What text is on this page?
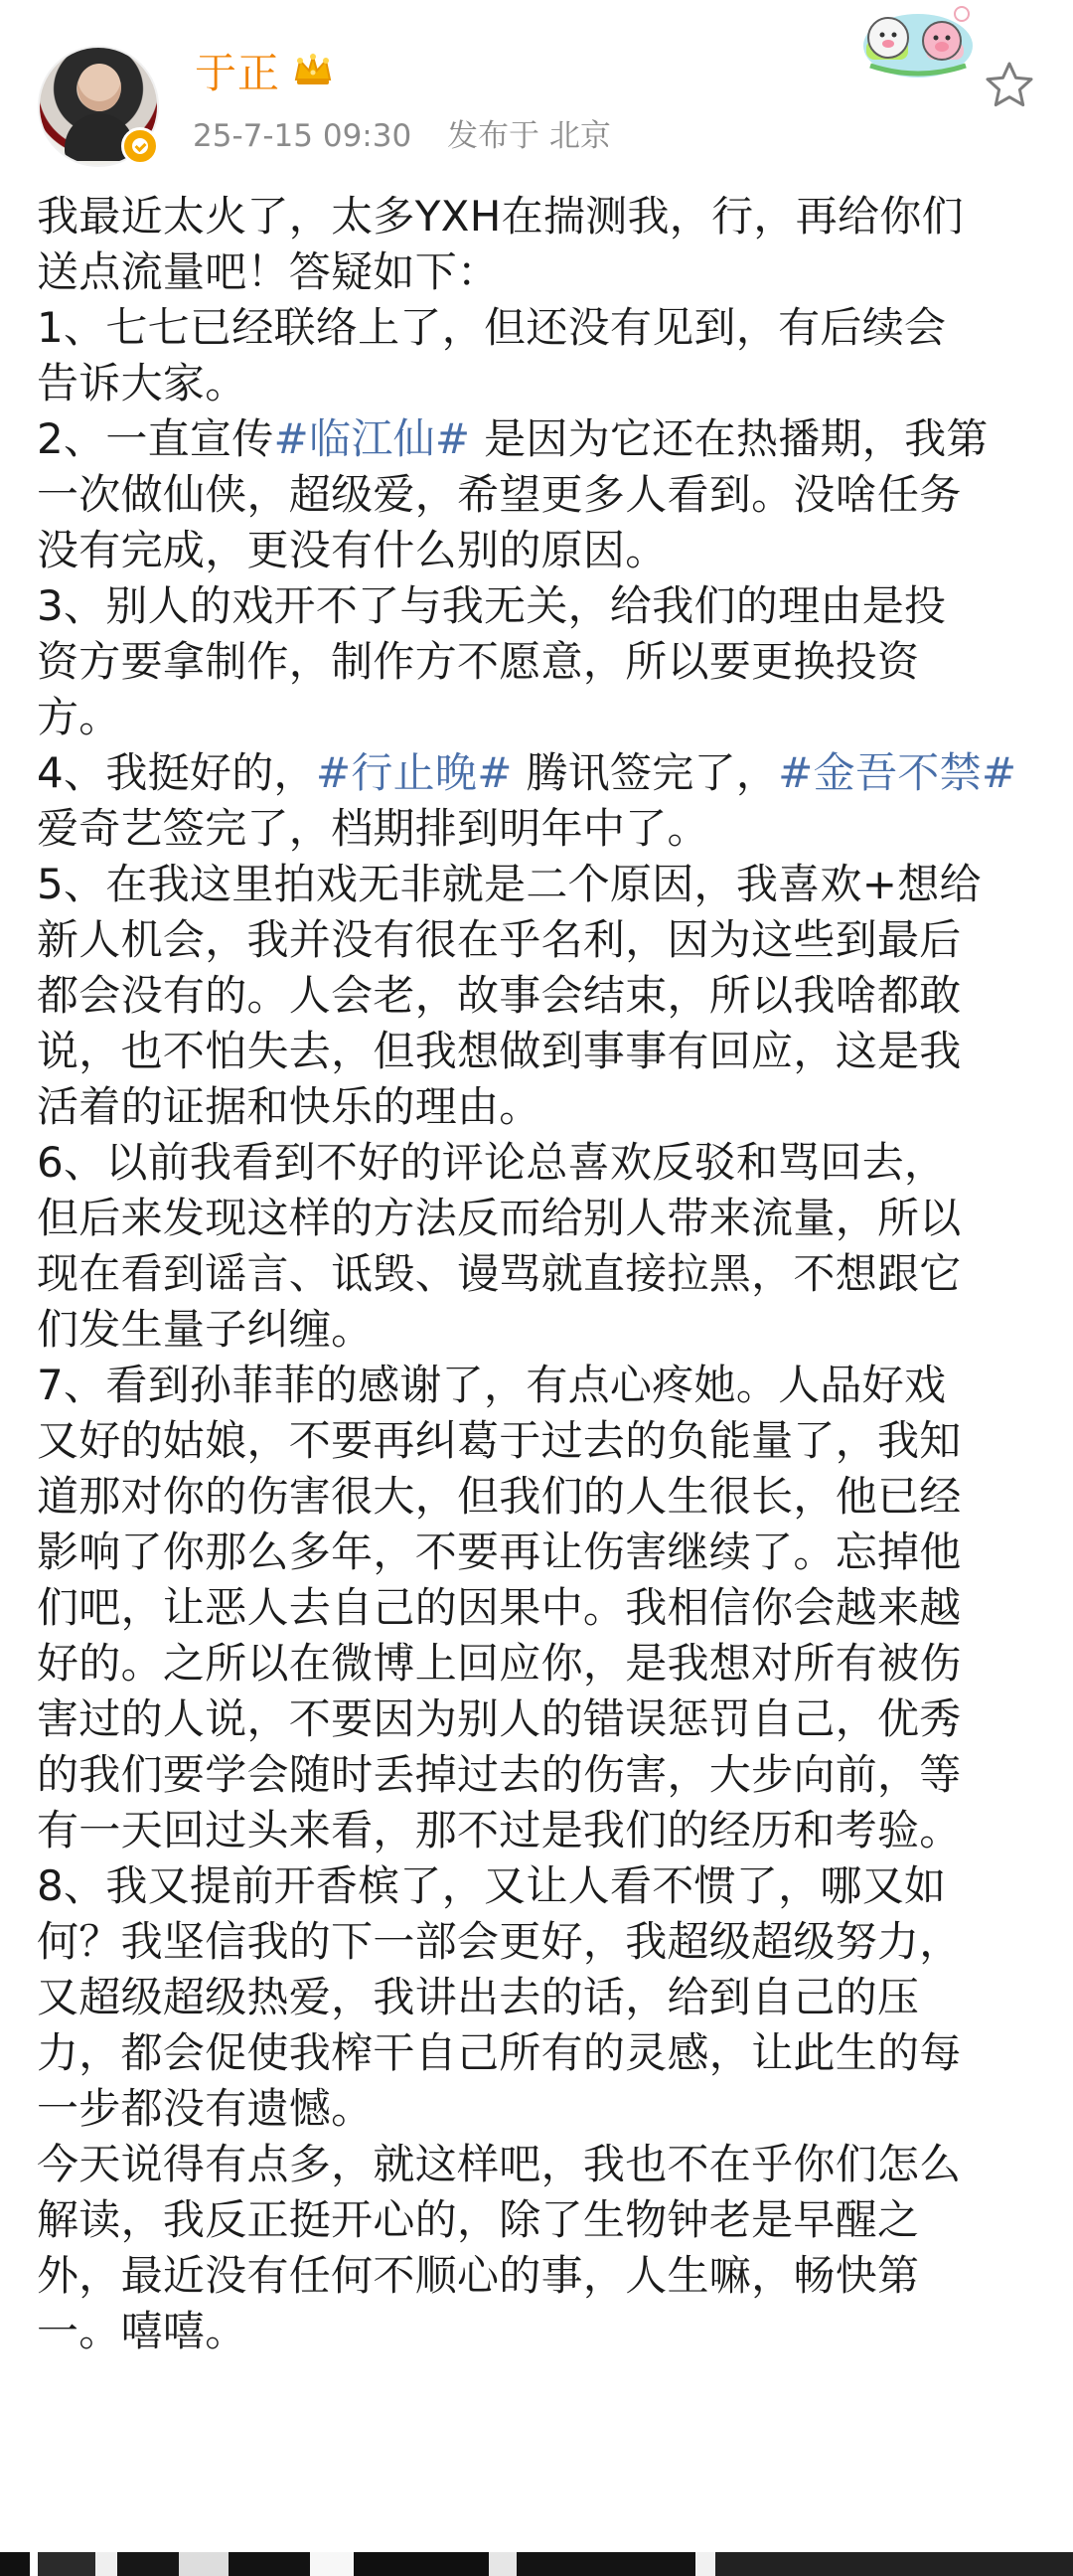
于正
25-7-15 09:30 发布于 北京
我最近太火了，太多YXH在揣测我，行，再给你们
送点流量吧！答疑如下：
1、七七已经联络上了，但还没有见到，有后续会
告诉大家。
2、一直宣传#临江仙# 是因为它还在热播期，我第
一次做仙侠，超级爱，希望更多人看到。没啥任务
没有完成，更没有什么别的原因。
3、别人的戏开不了与我无关，给我们的理由是投
资方要拿制作，制作方不愿意，所以要更换投资
方。
4、我挺好的，#行止晚# 腾讯签完了，#金吾不禁#
爱奇艺签完了，档期排到明年中了。
5、在我这里拍戏无非就是二个原因，我喜欢+想给
新人机会，我并没有很在乎名利，因为这些到最后
都会没有的。人会老，故事会结束，所以我啥都敢
说，也不怕失去，但我想做到事事有回应，这是我
活着的证据和快乐的理由。
6、以前我看到不好的评论总喜欢反驳和骂回去，
但后来发现这样的方法反而给别人带来流量，所以
现在看到谣言、诋毁、谩骂就直接拉黑，不想跟它
们发生量子纠缠。
7、看到孙菲菲的感谢了，有点心疼她。人品好戏
又好的姑娘，不要再纠葛于过去的负能量了，我知
道那对你的伤害很大，但我们的人生很长，他已经
影响了你那么多年，不要再让伤害继续了。忘掉他
们吧，让恶人去自己的因果中。我相信你会越来越
好的。之所以在微博上回应你，是我想对所有被伤
害过的人说，不要因为别人的错误惩罚自己，优秀
的我们要学会随时丢掉过去的伤害，大步向前，等
有一天回过头来看，那不过是我们的经历和考验。
8、我又提前开香槟了，又让人看不惯了，哪又如
何？我坚信我的下一部会更好，我超级超级努力，
又超级超级热爱，我讲出去的话，给到自己的压
力，都会促使我榨干自己所有的灵感，让此生的每
一步都没有遗憾。
今天说得有点多，就这样吧，我也不在乎你们怎么
解读，我反正挺开心的，除了生物钟老是早醒之
外，最近没有任何不顺心的事，人生嘛，畅快第
一。嘻嘻。
